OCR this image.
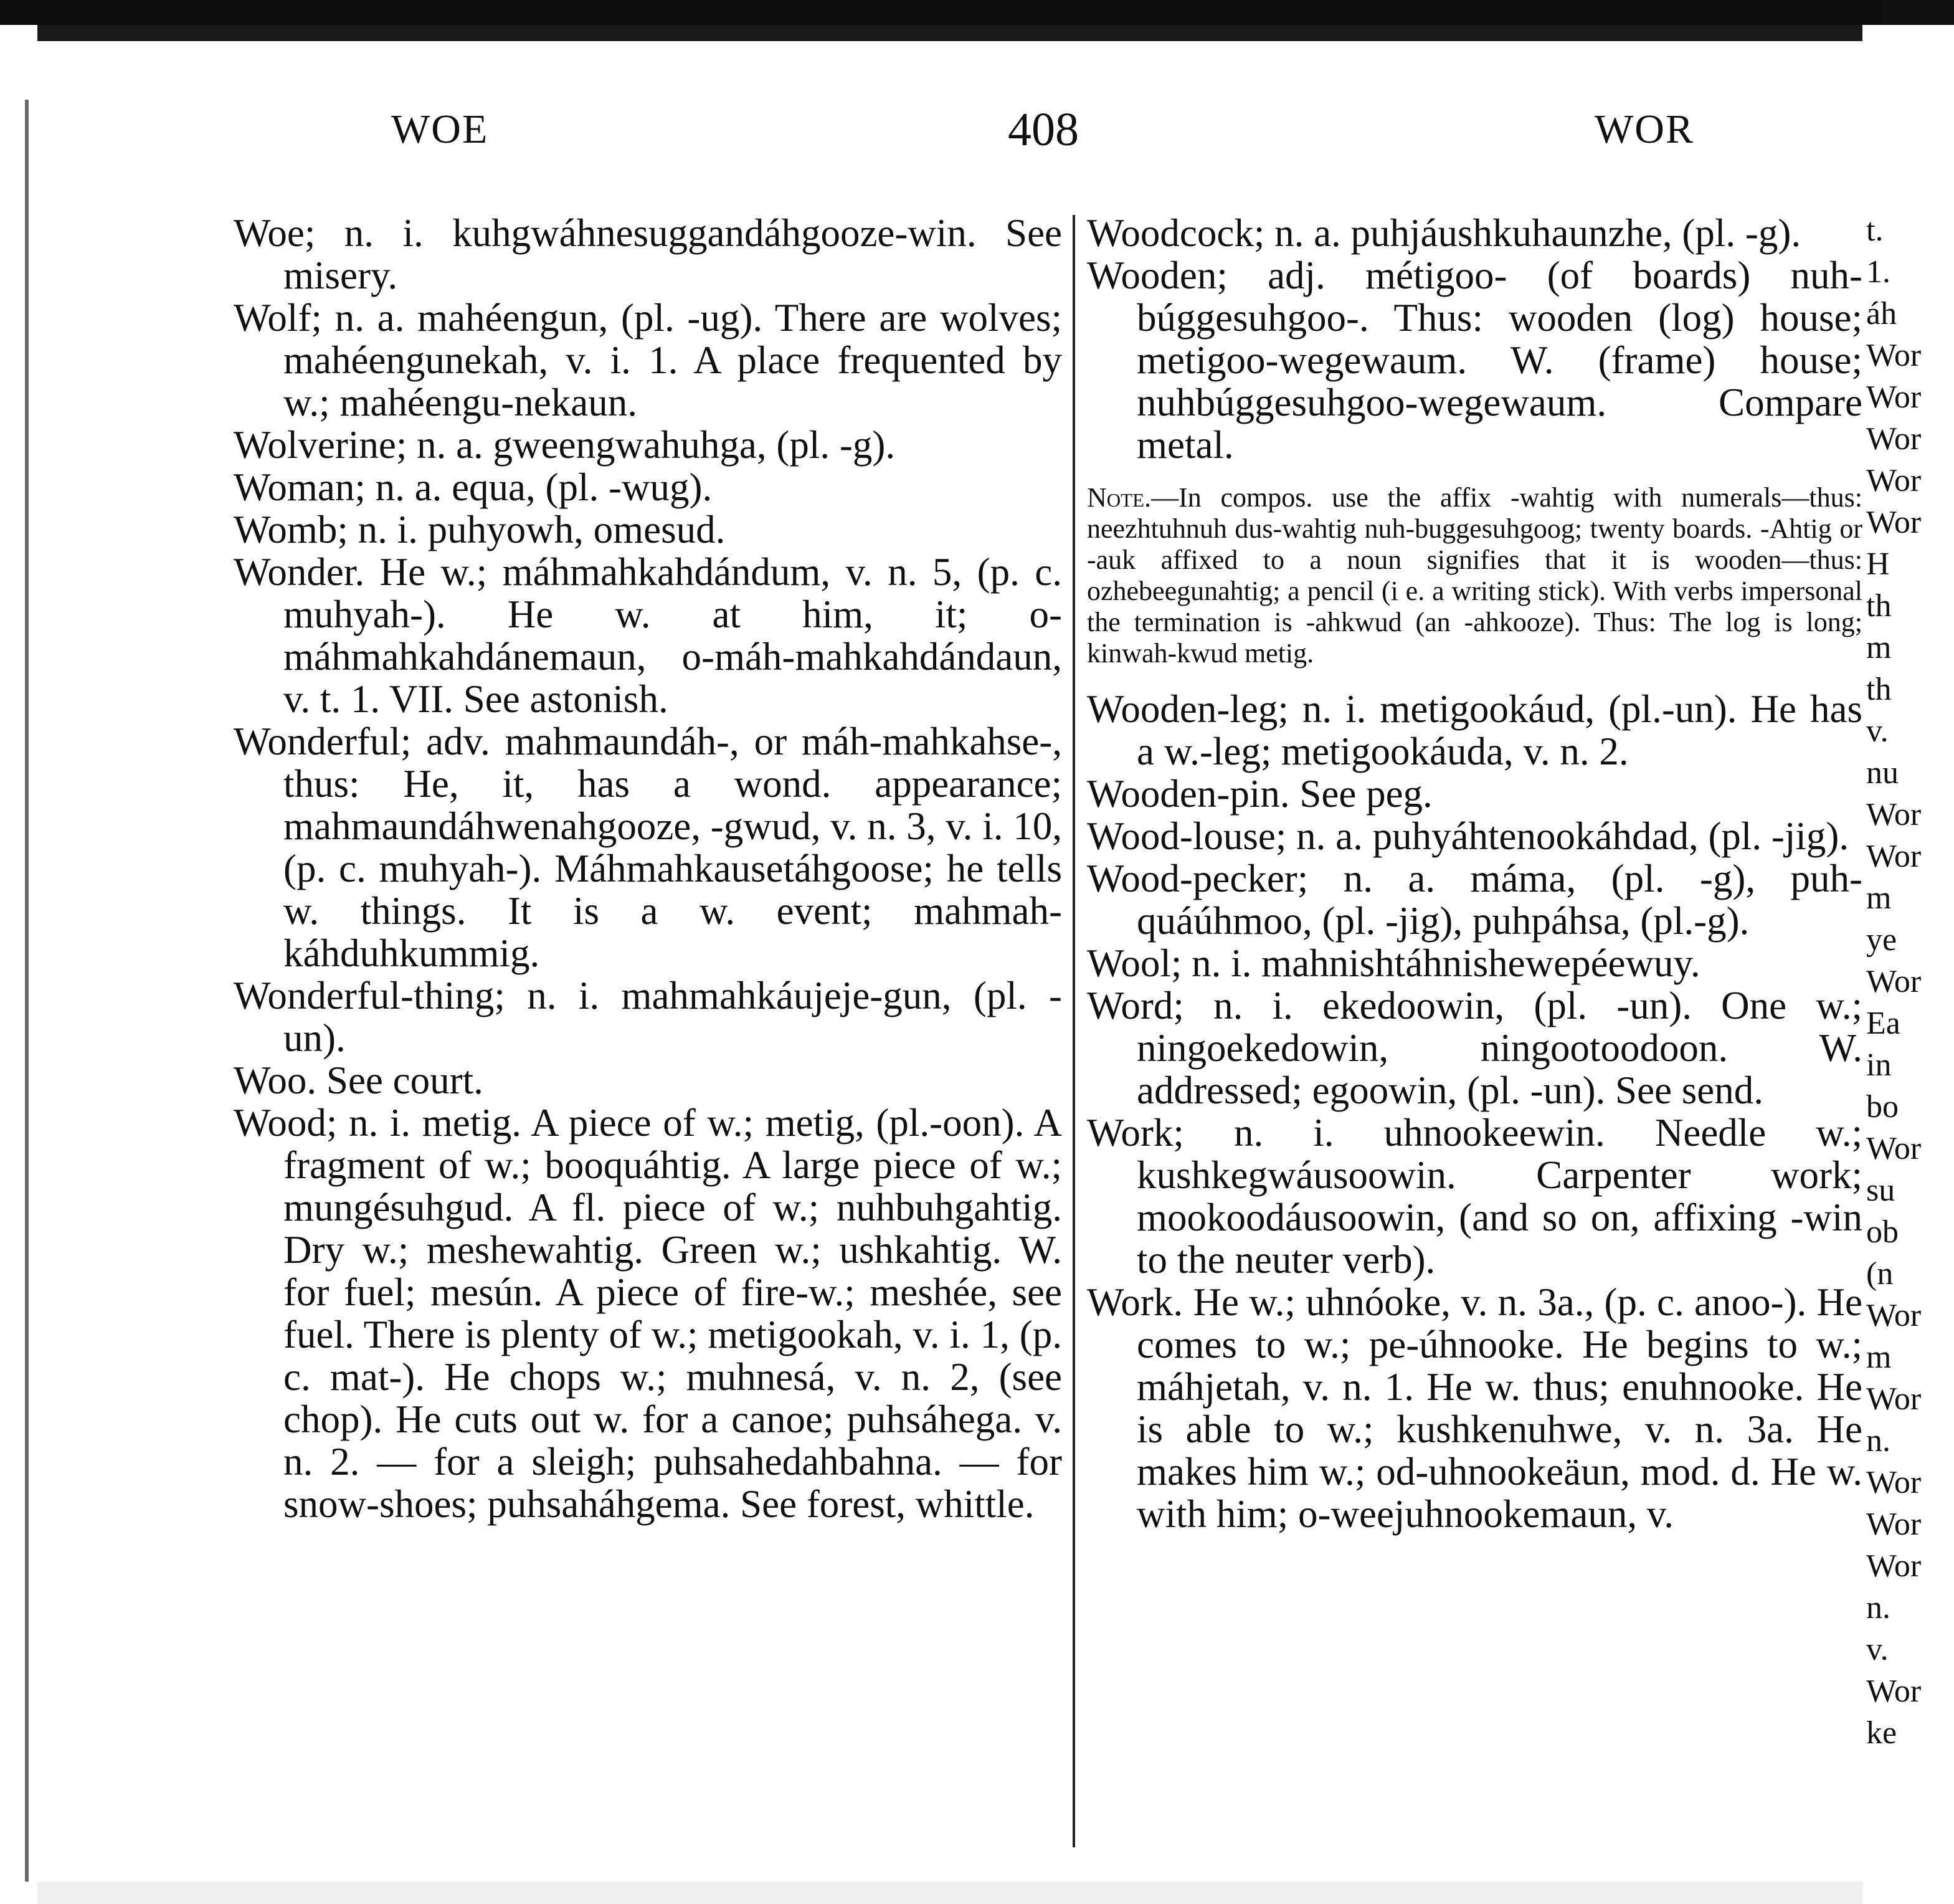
WOE	408	WOR

Woe; n. i. kuhgwáhnesuggandáhgooze-win. See misery.

Wolf; n. a. mahéengun, (pl. -ug). There are wolves; mahéengunekah, v. i. 1. A place frequented by w.; mahéengu-nekaun.

Wolverine; n. a. gweengwahuhga, (pl. -g).

Woman; n. a. equa, (pl. -wug).

Womb; n. i. puhyowh, omesud.

Wonder. He w.; máhmahkahdándum, v. n. 5, (p. c. muhyah-). He w. at him, it; o-máhmahkahdánemaun, o-máh-mahkahdándaun, v. t. 1. VII. See astonish.

Wonderful; adv. mahmaundáh-, or máh-mahkahse-, thus: He, it, has a wond. appearance; mahmaundáhwenahgooze, -gwud, v. n. 3, v. i. 10, (p. c. muhyah-). Máhmahkausetáhgoose; he tells w. things. It is a w. event; mahmah-káhduhkummig.

Wonderful-thing; n. i. mahmahkáujeje-gun, (pl. -un).

Woo. See court.

Wood; n. i. metig. A piece of w.; metig, (pl.-oon). A fragment of w.; booquáhtig. A large piece of w.; mungésuhgud. A fl. piece of w.; nuhbuhgahtig. Dry w.; meshewahtig. Green w.; ushkahtig. W. for fuel; mesún. A piece of fire-w.; meshée, see fuel. There is plenty of w.; metigookah, v. i. 1, (p. c. mat-). He chops w.; muhnesá, v. n. 2, (see chop). He cuts out w. for a canoe; puhsáhega. v. n. 2. — for a sleigh; puhsahedahbahna. — for snow-shoes; puhsaháhgema. See forest, whittle.

Woodcock; n. a. puhjáushkuhaunzhe, (pl. -g).

Wooden; adj. métigoo- (of boards) nuh-búggesuhgoo-. Thus: wooden (log) house; metigoo-wegewaum. W. (frame) house; nuhbúggesuhgoo-wegewaum. Compare metal.

Note.—In compos. use the affix -wahtig with numerals—thus: neezhtuhnuh dus-wahtig nuh-buggesuhgoog; twenty boards. -Ahtig or -auk affixed to a noun signifies that it is wooden—thus: ozhebeegunahtig; a pencil (i e. a writing stick). With verbs impersonal the termination is -ahkwud (an -ahkooze). Thus: The log is long; kinwah-kwud metig.

Wooden-leg; n. i. metigookáud, (pl.-un). He has a w.-leg; metigookáuda, v. n. 2.

Wooden-pin. See peg.

Wood-louse; n. a. puhyáhtenookáhdad, (pl. -jig).

Wood-pecker; n. a. máma, (pl. -g), puh-quáúhmoo, (pl. -jig), puhpáhsa, (pl.-g).

Wool; n. i. mahnishtáhnishewepéewuy.

Word; n. i. ekedoowin, (pl. -un). One w.; ningoekedowin, ningootoodoon. W. addressed; egoowin, (pl. -un). See send.

Work; n. i. uhnookeewin. Needle w.; kushkegwáusoowin. Carpenter work; mookoodáusoowin, (and so on, affixing -win to the neuter verb).

Work. He w.; uhnóoke, v. n. 3a., (p. c. anoo-). He comes to w.; pe-úhnooke. He begins to w.; máhjetah, v. n. 1. He w. thus; enuhnooke. He is able to w.; kushkenuhwe, v. n. 3a. He makes him w.; od-uhnookeäun, mod. d. He w. with him; o-weejuhnookemaun, v.

t.
1.
áh
Wor
Wor
Wor
Wor
Wor
H
th
m
th
v.
nu
Wor
Wor
m
ye
Wor
Ea
in
bo
Wor
su
ob
(n
Wor
m
Wor
n.
Wor
Wor
Wor
n.
v.
Wor
ke
